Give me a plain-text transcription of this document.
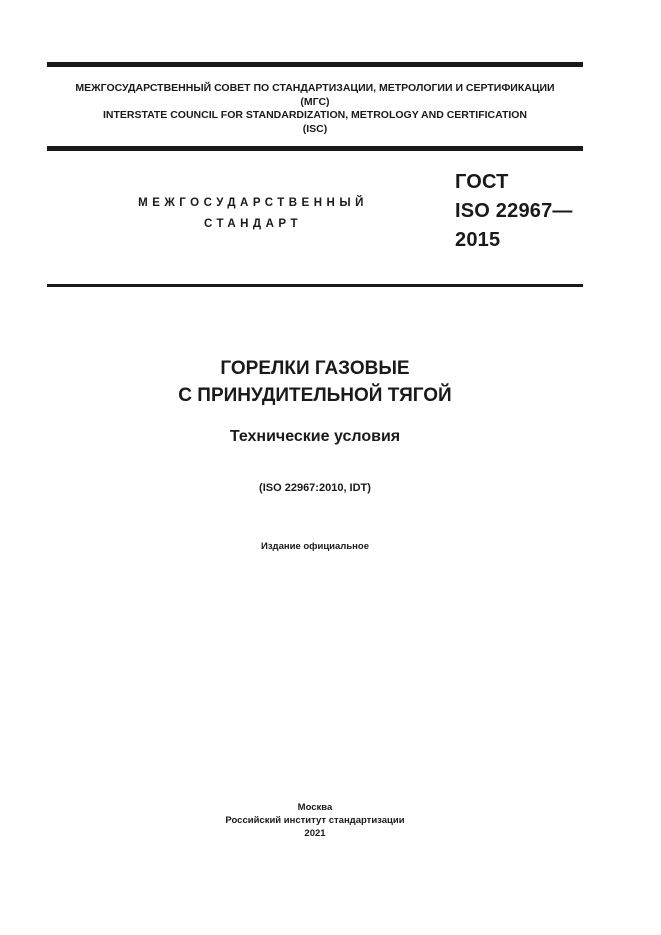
МЕЖГОСУДАРСТВЕННЫЙ СОВЕТ ПО СТАНДАРТИЗАЦИИ, МЕТРОЛОГИИ И СЕРТИФИКАЦИИ
(МГС)
INTERSTATE COUNCIL FOR STANDARDIZATION, METROLOGY AND CERTIFICATION
(ISC)
МЕЖГОСУДАРСТВЕННЫЙ
СТАНДАРТ
ГОСТ
ISO 22967—
2015
ГОРЕЛКИ ГАЗОВЫЕ
С ПРИНУДИТЕЛЬНОЙ ТЯГОЙ
Технические условия
(ISO 22967:2010, IDT)
Издание официальное
Москва
Российский институт стандартизации
2021
